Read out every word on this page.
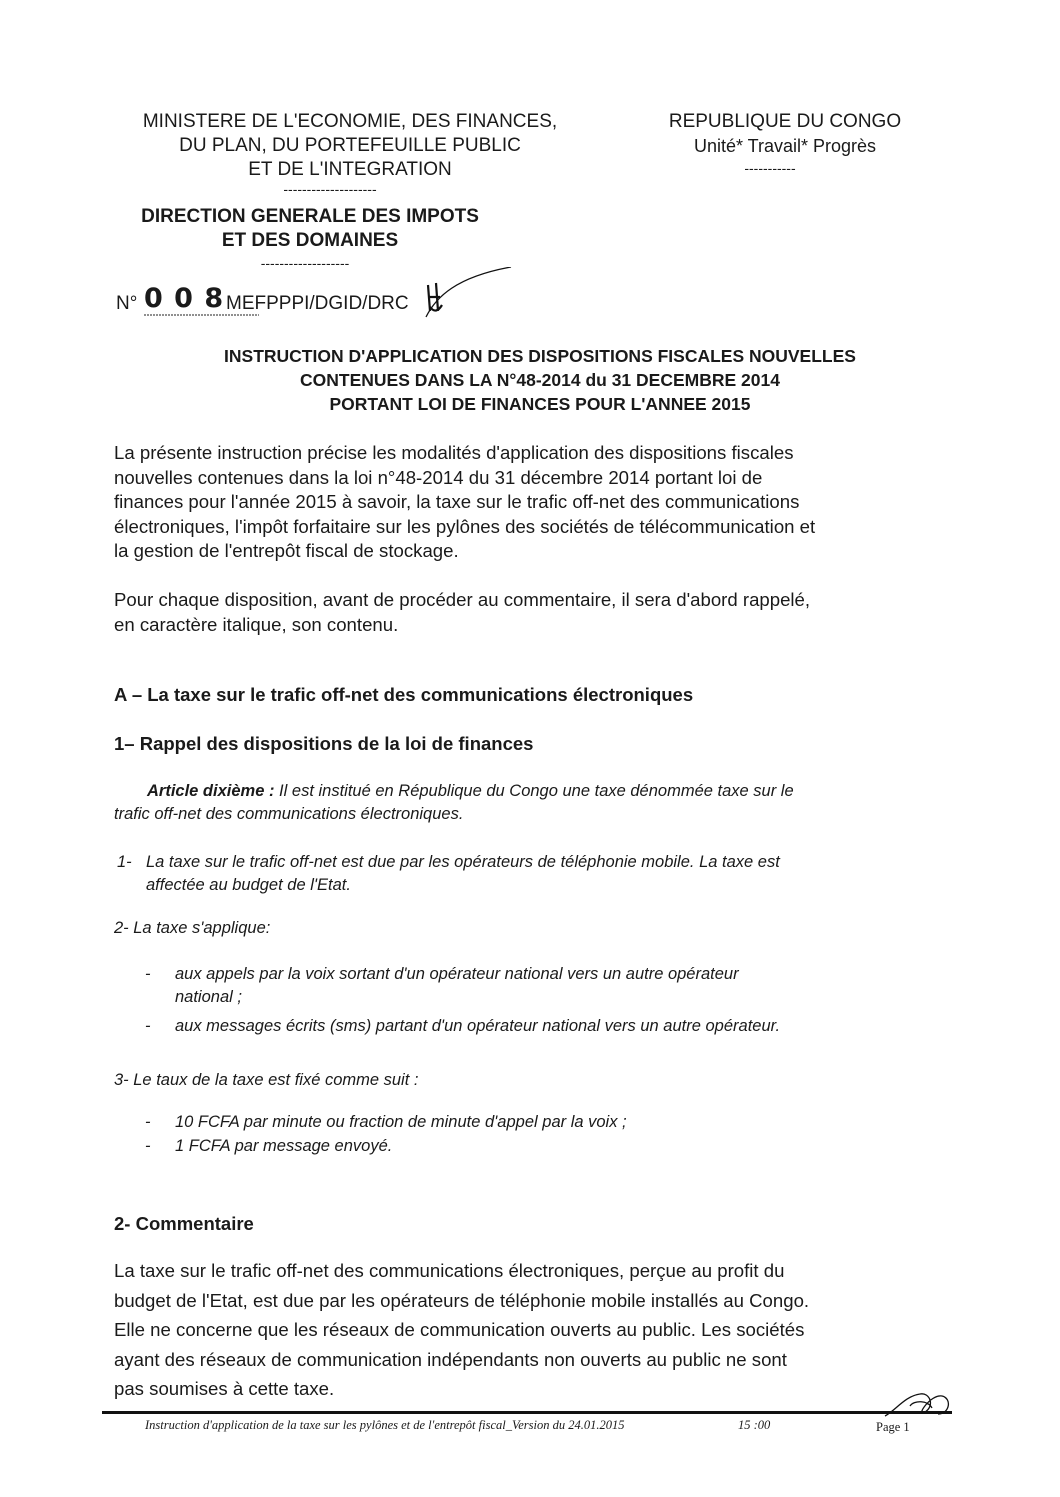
MINISTERE DE L'ECONOMIE, DES FINANCES,
DU PLAN, DU PORTEFEUILLE PUBLIC
ET DE L'INTEGRATION
--------------------
DIRECTION GENERALE DES IMPOTS
ET DES DOMAINES
-------------------
REPUBLIQUE DU CONGO
Unité* Travail* Progrès
-----------
N° 0 0 8 MEFPPPI/DGID/DRC
INSTRUCTION D'APPLICATION DES DISPOSITIONS FISCALES NOUVELLES
CONTENUES DANS LA N°48-2014 du 31 DECEMBRE 2014
PORTANT LOI DE FINANCES POUR L'ANNEE 2015
La présente instruction précise les modalités d'application des dispositions fiscales
nouvelles contenues dans la loi n°48-2014 du 31 décembre 2014 portant loi de
finances pour l'année 2015 à savoir, la taxe sur le trafic off-net des communications
électroniques, l'impôt forfaitaire sur les pylônes des sociétés de télécommunication et
la gestion de l'entrepôt fiscal de stockage.
Pour chaque disposition, avant de procéder au commentaire, il sera d'abord rappelé,
en caractère italique, son contenu.
A – La taxe sur le trafic off-net des communications électroniques
1– Rappel des dispositions de la loi de finances
Article dixième : Il est institué en République du Congo une taxe dénommée taxe sur le
trafic off-net des communications électroniques.
1- La taxe sur le trafic off-net est due par les opérateurs de téléphonie mobile. La taxe est
affectée au budget de l'Etat.
2- La taxe s'applique:
- aux appels par la voix sortant d'un opérateur national vers un autre opérateur
national ;
- aux messages écrits (sms) partant d'un opérateur national vers un autre opérateur.
3- Le taux de la taxe est fixé comme suit :
- 10 FCFA par minute ou fraction de minute d'appel par la voix ;
- 1 FCFA par message envoyé.
2- Commentaire
La taxe sur le trafic off-net des communications électroniques, perçue au profit du
budget de l'Etat, est due par les opérateurs de téléphonie mobile installés au Congo.
Elle ne concerne que les réseaux de communication ouverts au public. Les sociétés
ayant des réseaux de communication indépendants non ouverts au public ne sont
pas soumises à cette taxe.
Instruction d'application de la taxe sur les pylônes et de l'entrepôt fiscal_Version du 24.01.2015	15 :00	Page 1
